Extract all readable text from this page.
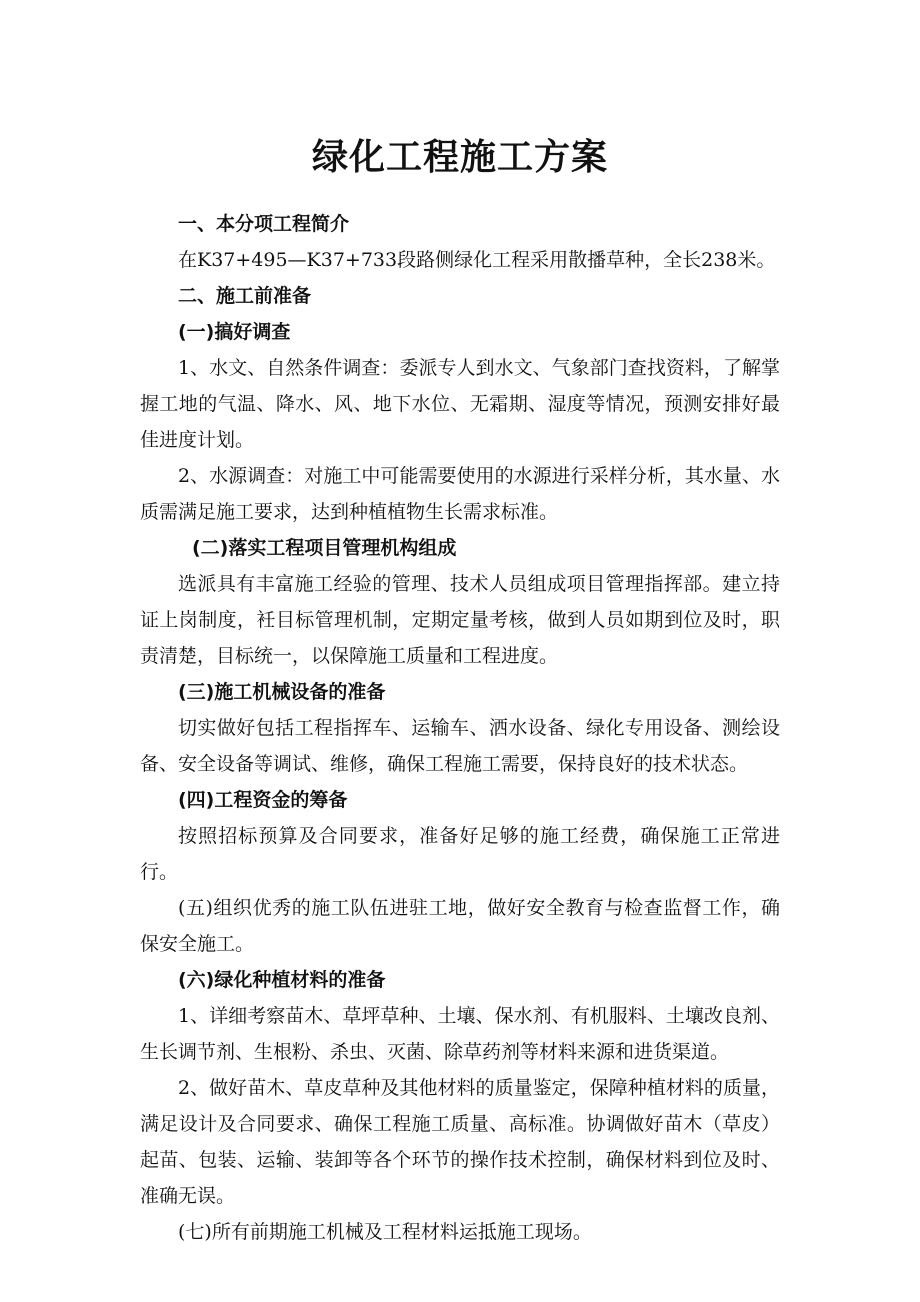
绿化工程施工方案

一、本分项工程简介

在K37+495—K37+733段路侧绿化工程采用散播草种，全长238米。

二、施工前准备

(一)搞好调查

1、水文、自然条件调查：委派专人到水文、气象部门查找资料，了解掌握工地的气温、降水、风、地下水位、无霜期、湿度等情况，预测安排好最佳进度计划。

2、水源调查：对施工中可能需要使用的水源进行采样分析，其水量、水质需满足施工要求，达到种植植物生长需求标准。

(二)落实工程项目管理机构组成

选派具有丰富施工经验的管理、技术人员组成项目管理指挥部。建立持证上岗制度，衽目标管理机制，定期定量考核，做到人员如期到位及时，职责清楚，目标统一，以保障施工质量和工程进度。

(三)施工机械设备的准备

切实做好包括工程指挥车、运输车、洒水设备、绿化专用设备、测绘设备、安全设备等调试、维修，确保工程施工需要，保持良好的技术状态。

(四)工程资金的筹备

按照招标预算及合同要求，准备好足够的施工经费，确保施工正常进行。

(五)组织优秀的施工队伍进驻工地，做好安全教育与检查监督工作，确保安全施工。

(六)绿化种植材料的准备

1、详细考察苗木、草坪草种、土壤、保水剂、有机服料、土壤改良剂、生长调节剂、生根粉、杀虫、灭菌、除草药剂等材料来源和进货渠道。

2、做好苗木、草皮草种及其他材料的质量鉴定，保障种植材料的质量，满足设计及合同要求、确保工程施工质量、高标准。协调做好苗木（草皮）起苗、包装、运输、装卸等各个环节的操作技术控制，确保材料到位及时、准确无误。

(七)所有前期施工机械及工程材料运抵施工现场。
